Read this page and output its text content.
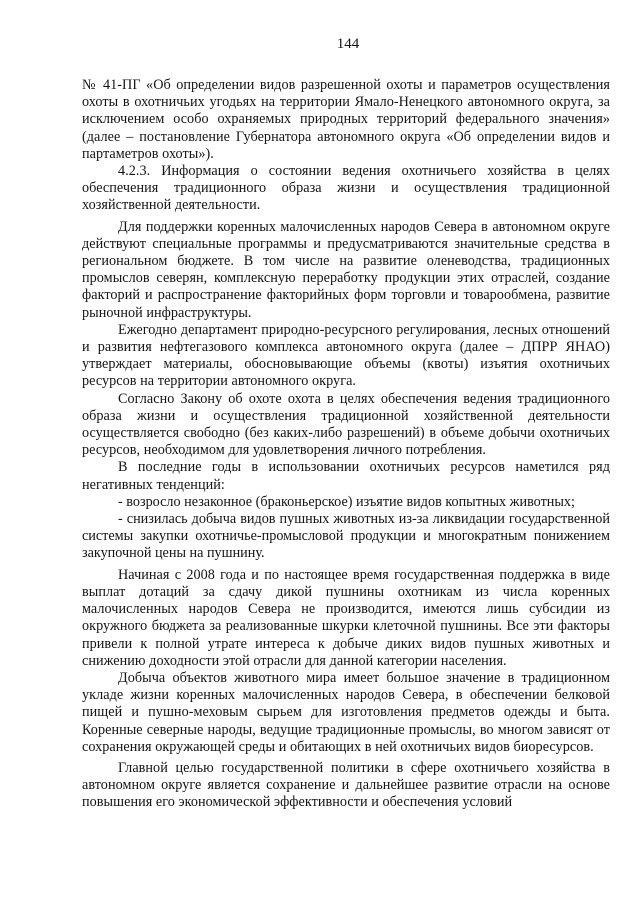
144

№ 41-ПГ «Об определении видов разрешенной охоты и параметров осуществления охоты в охотничьих угодьях на территории Ямало-Ненецкого автономного округа, за исключением особо охраняемых природных территорий федерального значения» (далее – постановление Губернатора автономного округа «Об определении видов и партаметров охоты»).

4.2.3. Информация о состоянии ведения охотничьего хозяйства в целях обеспечения традиционного образа жизни и осуществления традиционной хозяйственной деятельности.

Для поддержки коренных малочисленных народов Севера в автономном округе действуют специальные программы и предусматриваются значительные средства в региональном бюджете. В том числе на развитие оленеводства, традиционных промыслов северян, комплексную переработку продукции этих отраслей, создание факторий и распространение факторийных форм торговли и товарообмена, развитие рыночной инфраструктуры.

Ежегодно департамент природно-ресурсного регулирования, лесных отношений и развития нефтегазового комплекса автономного округа (далее – ДПРР ЯНАО) утверждает материалы, обосновывающие объемы (квоты) изъятия охотничьих ресурсов на территории автономного округа.

Согласно Закону об охоте охота в целях обеспечения ведения традиционного образа жизни и осуществления традиционной хозяйственной деятельности осуществляется свободно (без каких-либо разрешений) в объеме добычи охотничьих ресурсов, необходимом для удовлетворения личного потребления.

В последние годы в использовании охотничьих ресурсов наметился ряд негативных тенденций:

- возросло незаконное (браконьерское) изъятие видов копытных животных;

- снизилась добыча видов пушных животных из-за ликвидации государственной системы закупки охотничье-промысловой продукции и многократным понижением закупочной цены на пушнину.

Начиная с 2008 года и по настоящее время государственная поддержка в виде выплат дотаций за сдачу дикой пушнины охотникам из числа коренных малочисленных народов Севера не производится, имеются лишь субсидии из окружного бюджета за реализованные шкурки клеточной пушнины. Все эти факторы привели к полной утрате интереса к добыче диких видов пушных животных и снижению доходности этой отрасли для данной категории населения.

Добыча объектов животного мира имеет большое значение в традиционном укладе жизни коренных малочисленных народов Севера, в обеспечении белковой пищей и пушно-меховым сырьем для изготовления предметов одежды и быта. Коренные северные народы, ведущие традиционные промыслы, во многом зависят от сохранения окружающей среды и обитающих в ней охотничьих видов биоресурсов.

Главной целью государственной политики в сфере охотничьего хозяйства в автономном округе является сохранение и дальнейшее развитие отрасли на основе повышения его экономической эффективности и обеспечения условий
